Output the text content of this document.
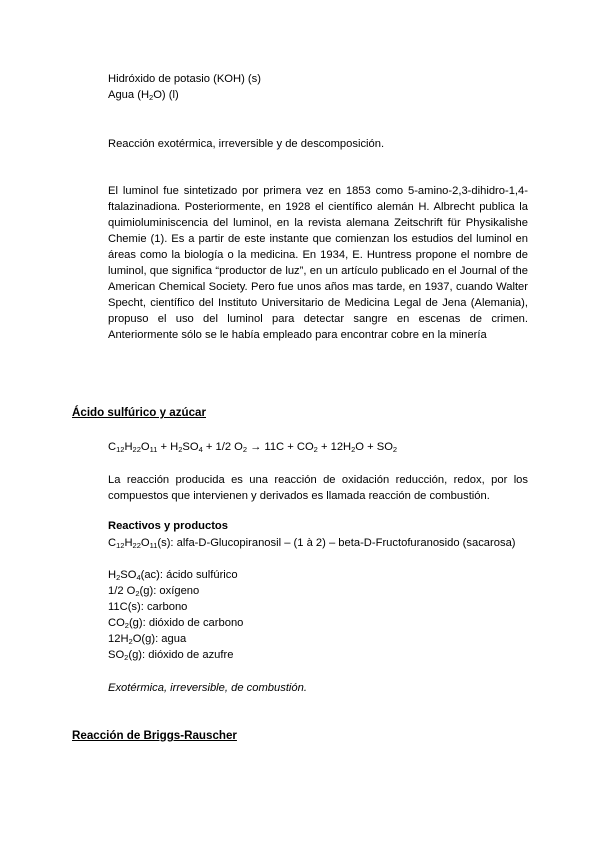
Hidróxido de potasio (KOH) (s)
Agua $(H_2O)$ (l)
Reacción exotérmica, irreversible y de descomposición.
El luminol fue sintetizado por primera vez en 1853 como 5-amino-2,3-dihidro-1,4-ftalazinadiona. Posteriormente, en 1928 el científico alemán H. Albrecht publica la quimioluminiscencia del luminol, en la revista alemana Zeitschrift für Physikalishe Chemie (1). Es a partir de este instante que comienzan los estudios del luminol en áreas como la biología o la medicina. En 1934, E. Huntress propone el nombre de luminol, que significa “productor de luz”, en un artículo publicado en el Journal of the American Chemical Society. Pero fue unos años mas tarde, en 1937, cuando Walter Specht, científico del Instituto Universitario de Medicina Legal de Jena (Alemania), propuso el uso del luminol para detectar sangre en escenas de crimen. Anteriormente sólo se le había empleado para encontrar cobre en la minería
Ácido sulfúrico y azúcar
$C_{12}H_{22}O_{11} + H_2SO_4 + 1/2$ $O_2 \to 11C + CO_2 + 12H_2O + SO_2$
La reacción producida es una reacción de oxidación reducción, redox, por los compuestos que intervienen y derivados es llamada reacción de combustión.
Reactivos y productos
$C_{12}H_{22}O_{11}(s)$: alfa-D-Glucopiranosil – (1 à 2) – beta-D-Fructofuranosido (sacarosa)
$H_2SO_4(ac)$: ácido sulfúrico
1/2 $O_2(g)$: oxígeno
11C(s): carbono
$CO_2(g)$: dióxido de carbono
$12H_2O(g)$: agua
$SO_2(g)$: dióxido de azufre
Exotérmica, irreversible, de combustión.
Reacción de Briggs-Rauscher
